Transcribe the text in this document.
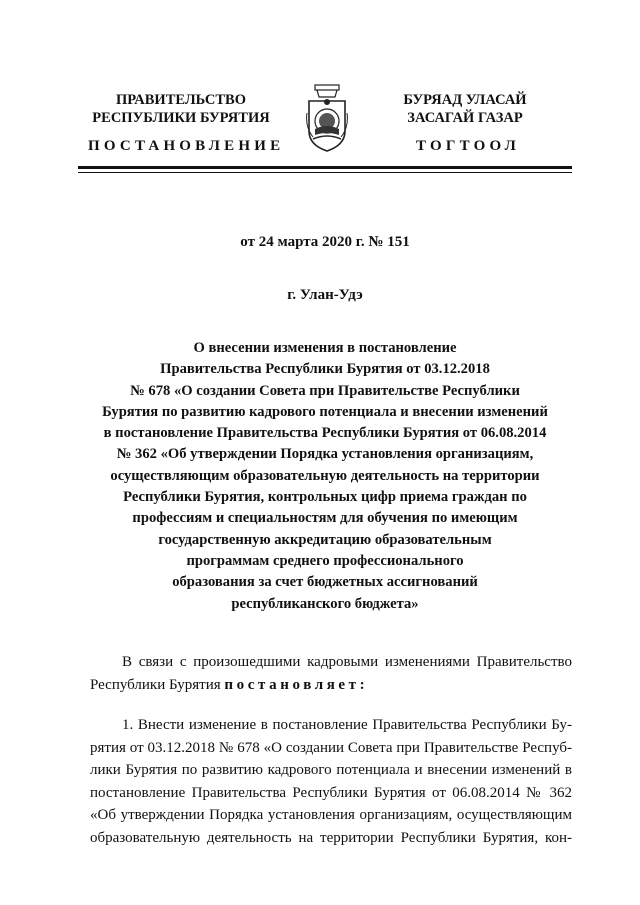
ПРАВИТЕЛЬСТВО
РЕСПУБЛИКИ БУРЯТИЯ
БУРЯАД УЛАСАЙ
ЗАСАГАЙ ГАЗАР
ПОСТАНОВЛЕНИЕ	ТОГТООЛ
от 24 марта 2020 г. № 151
г. Улан-Удэ
О внесении изменения в постановление
Правительства Республики Бурятия от 03.12.2018
№ 678 «О создании Совета при Правительстве Республики
Бурятия по развитию кадрового потенциала и внесении изменений
в постановление Правительства Республики Бурятия от 06.08.2014
№ 362 «Об утверждении Порядка установления организациям,
осуществляющим образовательную деятельность на территории
Республики Бурятия, контрольных цифр приема граждан по
профессиям и специальностям для обучения по имеющим
государственную аккредитацию образовательным
программам среднего профессионального
образования за счет бюджетных ассигнований
республиканского бюджета»
В связи с произошедшими кадровыми изменениями Правительство
Республики Бурятия постановляет:
1. Внести изменение в постановление Правительства Республики Бу-
рятия от 03.12.2018 № 678 «О создании Совета при Правительстве Респуб-
лики Бурятия по развитию кадрового потенциала и внесении изменений в
постановление Правительства Республики Бурятия от 06.08.2014 № 362
«Об утверждении Порядка установления организациям, осуществляющим
образовательную деятельность на территории Республики Бурятия, кон-
